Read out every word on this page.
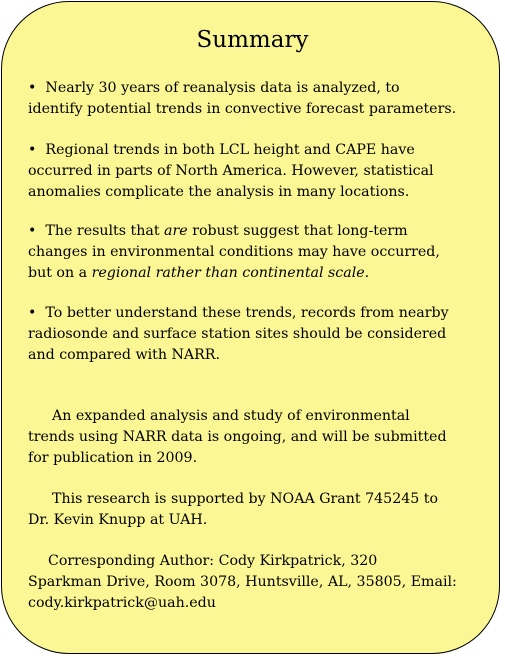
Summary

• Nearly 30 years of reanalysis data is analyzed, to
identify potential trends in convective forecast parameters.

• Regional trends in both LCL height and CAPE have
occurred in parts of North America. However, statistical
anomalies complicate the analysis in many locations.

• The results that are robust suggest that long-term
changes in environmental conditions may have occurred,
but on a regional rather than continental scale.

• To better understand these trends, records from nearby
radiosonde and surface station sites should be considered
and compared with NARR.

An expanded analysis and study of environmental
trends using NARR data is ongoing, and will be submitted
for publication in 2009.

This research is supported by NOAA Grant 745245 to
Dr. Kevin Knupp at UAH.

Corresponding Author: Cody Kirkpatrick, 320
Sparkman Drive, Room 3078, Huntsville, AL, 35805, Email:
cody.kirkpatrick@uah.edu
